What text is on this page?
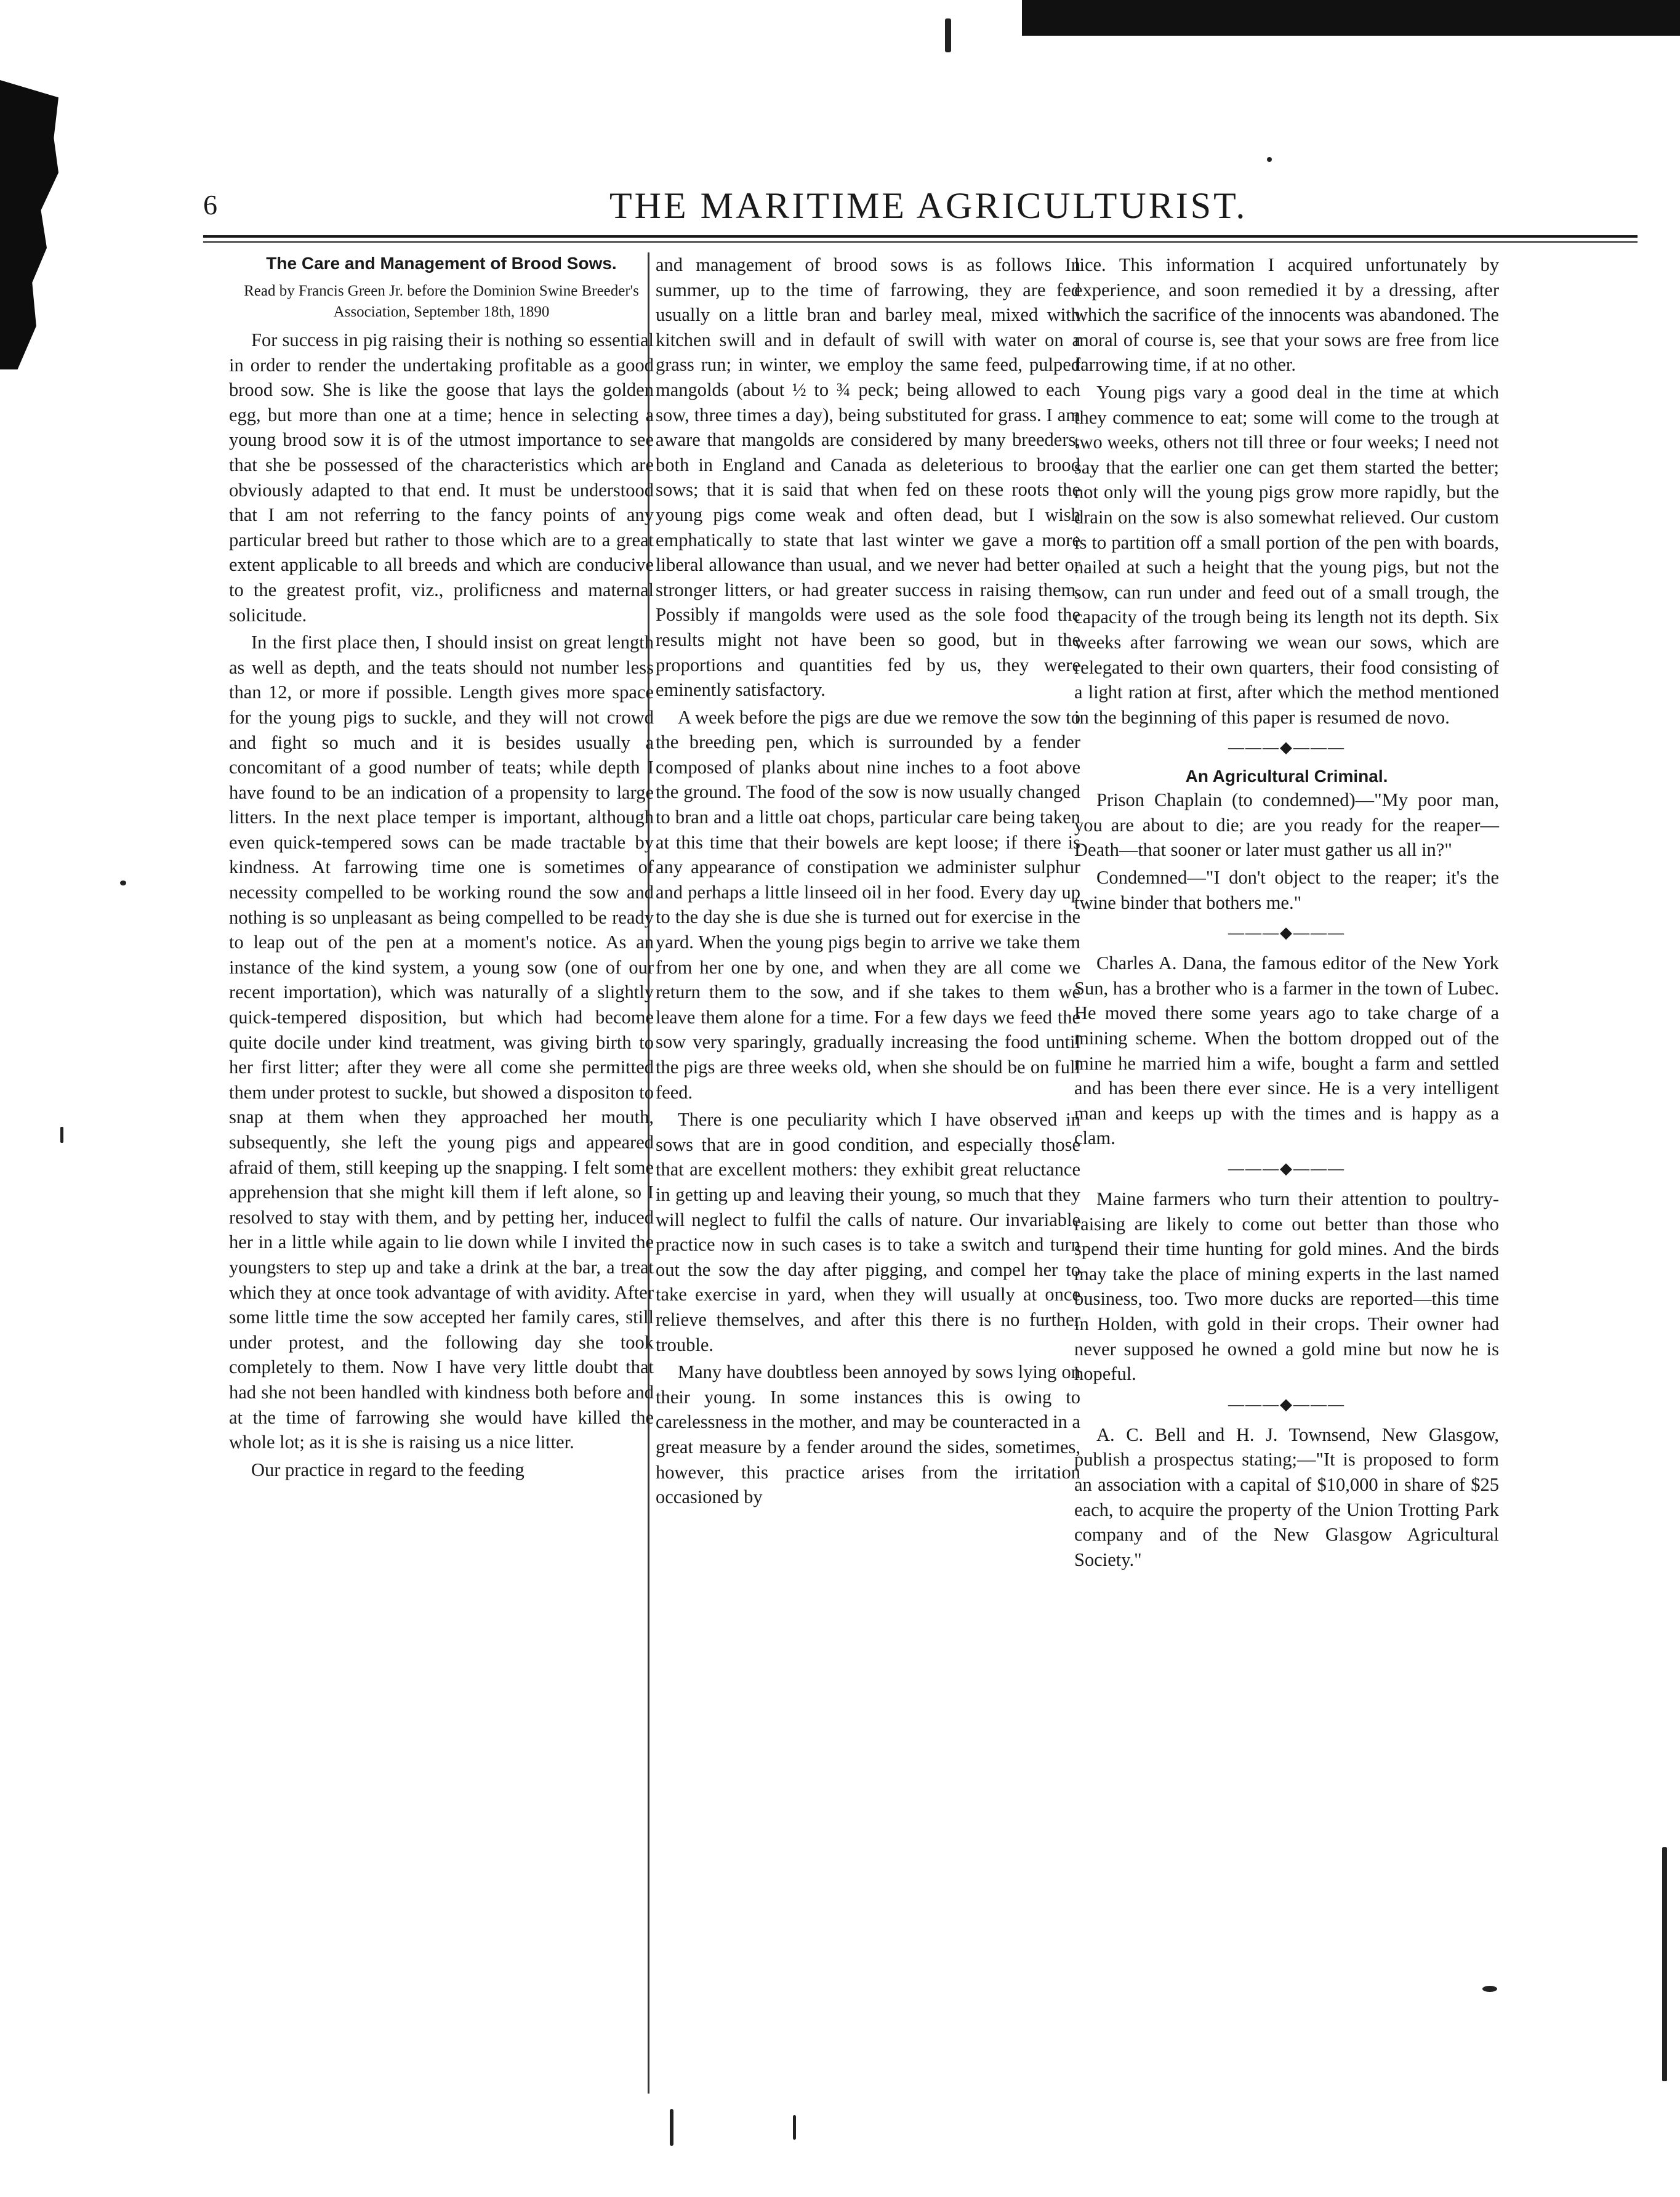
6	THE MARITIME AGRICULTURIST.
The Care and Management of Brood Sows.
Read by Francis Green Jr. before the Dominion Swine Breeder's Association, September 18th, 1890

For success in pig raising their is nothing so essential in order to render the undertaking profitable as a good brood sow. She is like the goose that lays the golden egg, but more than one at a time; hence in selecting a young brood sow it is of the utmost importance to see that she be possessed of the characteristics which are obviously adapted to that end. It must be understood that I am not referring to the fancy points of any particular breed but rather to those which are to a great extent applicable to all breeds and which are conducive to the greatest profit, viz., prolificness and maternal solicitude.

In the first place then, I should insist on great length as well as depth, and the teats should not number less than 12, or more if possible. Length gives more space for the young pigs to suckle, and they will not crowd and fight so much and it is besides usually a concomitant of a good number of teats; while depth I have found to be an indication of a propensity to large litters. In the next place temper is important, although even quick-tempered sows can be made tractable by kindness. At farrowing time one is sometimes of necessity compelled to be working round the sow and nothing is so unpleasant as being compelled to be ready to leap out of the pen at a moment's notice. As an instance of the kind system, a young sow (one of our recent importation), which was naturally of a slightly quick-tempered disposition, but which had become quite docile under kind treatment, was giving birth to her first litter; after they were all come she permitted them under protest to suckle, but showed a dispositon to snap at them when they approached her mouth, subsequently, she left the young pigs and appeared afraid of them, still keeping up the snapping. I felt some apprehension that she might kill them if left alone, so I resolved to stay with them, and by petting her, induced her in a little while again to lie down while I invited the youngsters to step up and take a drink at the bar, a treat which they at once took advantage of with avidity. After some little time the sow accepted her family cares, still under protest, and the following day she took completely to them. Now I have very little doubt that had she not been handled with kindness both before and at the time of farrowing she would have killed the whole lot; as it is she is raising us a nice litter.

Our practice in regard to the feeding

and management of brood sows is as follows In summer, up to the time of farrowing, they are fed usually on a little bran and barley meal, mixed with kitchen swill and in default of swill with water on a grass run; in winter, we employ the same feed, pulped mangolds (about ½ to ¾ peck; being allowed to each sow, three times a day), being substituted for grass. I am aware that mangolds are considered by many breeders, both in England and Canada as deleterious to brood sows; that it is said that when fed on these roots the young pigs come weak and often dead, but I wish emphatically to state that last winter we gave a more liberal allowance than usual, and we never had better or stronger litters, or had greater success in raising them. Possibly if mangolds were used as the sole food the results might not have been so good, but in the proportions and quantities fed by us, they were eminently satisfactory.

A week before the pigs are due we remove the sow to the breeding pen, which is surrounded by a fender composed of planks about nine inches to a foot above the ground. The food of the sow is now usually changed to bran and a little oat chops, particular care being taken at this time that their bowels are kept loose; if there is any appearance of constipation we administer sulphur and perhaps a little linseed oil in her food. Every day up to the day she is due she is turned out for exercise in the yard. When the young pigs begin to arrive we take them from her one by one, and when they are all come we return them to the sow, and if she takes to them we leave them alone for a time. For a few days we feed the sow very sparingly, gradually increasing the food until the pigs are three weeks old, when she should be on full feed.

There is one peculiarity which I have observed in sows that are in good condition, and especially those that are excellent mothers: they exhibit great reluctance in getting up and leaving their young, so much that they will neglect to fulfil the calls of nature. Our invariable practice now in such cases is to take a switch and turn out the sow the day after pigging, and compel her to take exercise in yard, when they will usually at once relieve themselves, and after this there is no further trouble.

Many have doubtless been annoyed by sows lying on their young. In some instances this is owing to carelessness in the mother, and may be counteracted in a great measure by a fender around the sides, sometimes, however, this practice arises from the irritation occasioned by

lice. This information I acquired unfortunately by experience, and soon remedied it by a dressing, after which the sacrifice of the innocents was abandoned. The moral of course is, see that your sows are free from lice farrowing time, if at no other.

Young pigs vary a good deal in the time at which they commence to eat; some will come to the trough at two weeks, others not till three or four weeks; I need not say that the earlier one can get them started the better; not only will the young pigs grow more rapidly, but the drain on the sow is also somewhat relieved. Our custom is to partition off a small portion of the pen with boards, nailed at such a height that the young pigs, but not the sow, can run under and feed out of a small trough, the capacity of the trough being its length not its depth. Six weeks after farrowing we wean our sows, which are relegated to their own quarters, their food consisting of a light ration at first, after which the method mentioned in the beginning of this paper is resumed de novo.

———◆———
An Agricultural Criminal.

Prison Chaplain (to condemned)—"My poor man, you are about to die; are you ready for the reaper—Death—that sooner or later must gather us all in?"

Condemned—"I don't object to the reaper; it's the twine binder that bothers me."

———◆———

Charles A. Dana, the famous editor of the New York Sun, has a brother who is a farmer in the town of Lubec. He moved there some years ago to take charge of a mining scheme. When the bottom dropped out of the mine he married him a wife, bought a farm and settled and has been there ever since. He is a very intelligent man and keeps up with the times and is happy as a clam.

———◆———

Maine farmers who turn their attention to poultry-raising are likely to come out better than those who spend their time hunting for gold mines. And the birds may take the place of mining experts in the last named business, too. Two more ducks are reported—this time in Holden, with gold in their crops. Their owner had never supposed he owned a gold mine but now he is hopeful.

———◆———

A. C. Bell and H. J. Townsend, New Glasgow, publish a prospectus stating;—"It is proposed to form an association with a capital of $10,000 in share of $25 each, to acquire the property of the Union Trotting Park company and of the New Glasgow Agricultural Society."
